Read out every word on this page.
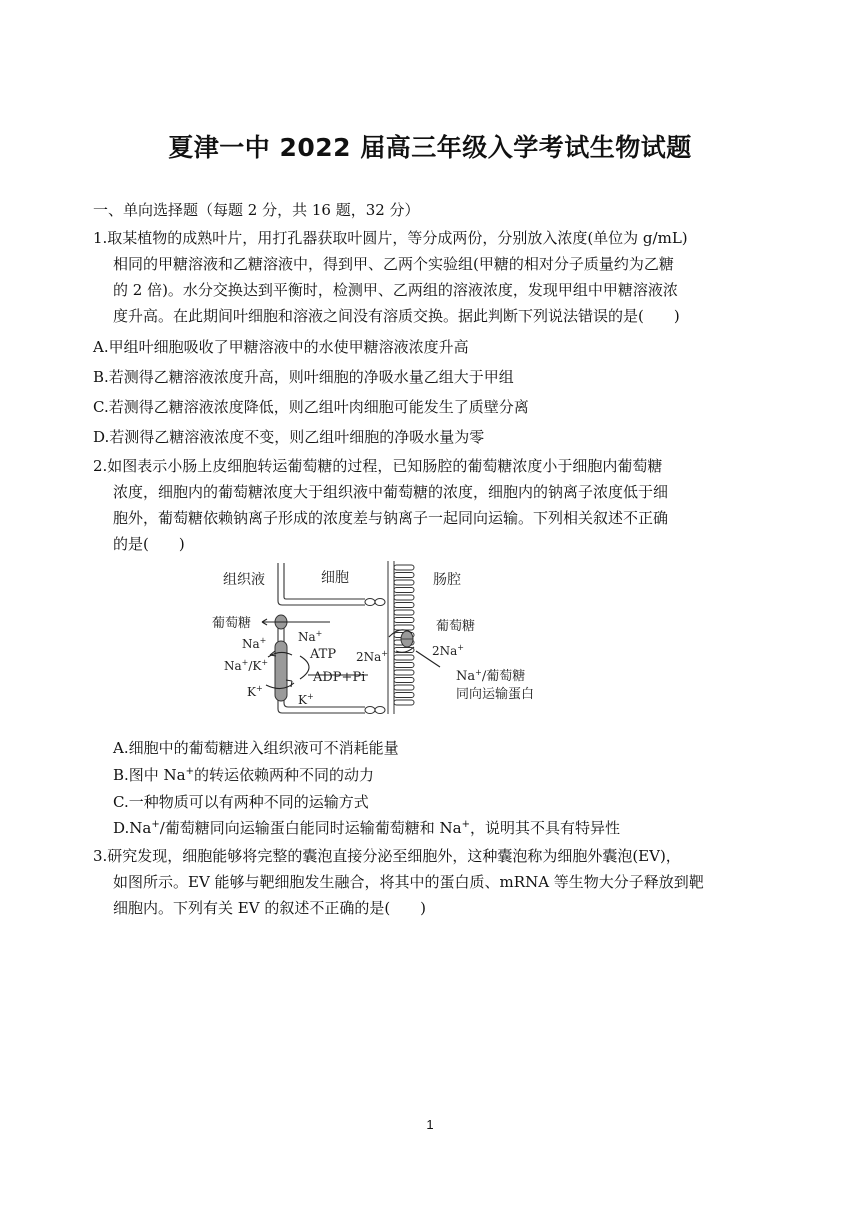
夏津一中 2022 届高三年级入学考试生物试题
一、单向选择题（每题 2 分，共 16 题，32 分）
1.取某植物的成熟叶片，用打孔器获取叶圆片，等分成两份，分别放入浓度(单位为 g/mL)
相同的甲糖溶液和乙糖溶液中，得到甲、乙两个实验组(甲糖的相对分子质量约为乙糖
的 2 倍)。水分交换达到平衡时，检测甲、乙两组的溶液浓度，发现甲组中甲糖溶液浓
度升高。在此期间叶细胞和溶液之间没有溶质交换。据此判断下列说法错误的是(　　)
A.甲组叶细胞吸收了甲糖溶液中的水使甲糖溶液浓度升高
B.若测得乙糖溶液浓度升高，则叶细胞的净吸水量乙组大于甲组
C.若测得乙糖溶液浓度降低，则乙组叶肉细胞可能发生了质壁分离
D.若测得乙糖溶液浓度不变，则乙组叶细胞的净吸水量为零
2.如图表示小肠上皮细胞转运葡萄糖的过程，已知肠腔的葡萄糖浓度小于细胞内葡萄糖
浓度，细胞内的葡萄糖浓度大于组织液中葡萄糖的浓度，细胞内的钠离子浓度低于细
胞外，葡萄糖依赖钠离子形成的浓度差与钠离子一起同向运输。下列相关叙述不正确
的是(　　)
组织液	细胞	肠腔
葡萄糖
Na+	Na+
Na+/K+
ATP
ADP+Pi
K+
K+
葡萄糖
2Na+	2Na+
Na+/葡萄糖
同向运输蛋白
A.细胞中的葡萄糖进入组织液可不消耗能量
B.图中 Na+的转运依赖两种不同的动力
C.一种物质可以有两种不同的运输方式
D.Na+/葡萄糖同向运输蛋白能同时运输葡萄糖和 Na+，说明其不具有特异性
3.研究发现，细胞能够将完整的囊泡直接分泌至细胞外，这种囊泡称为细胞外囊泡(EV)，
如图所示。EV 能够与靶细胞发生融合，将其中的蛋白质、mRNA 等生物大分子释放到靶
细胞内。下列有关 EV 的叙述不正确的是(　　)
1
